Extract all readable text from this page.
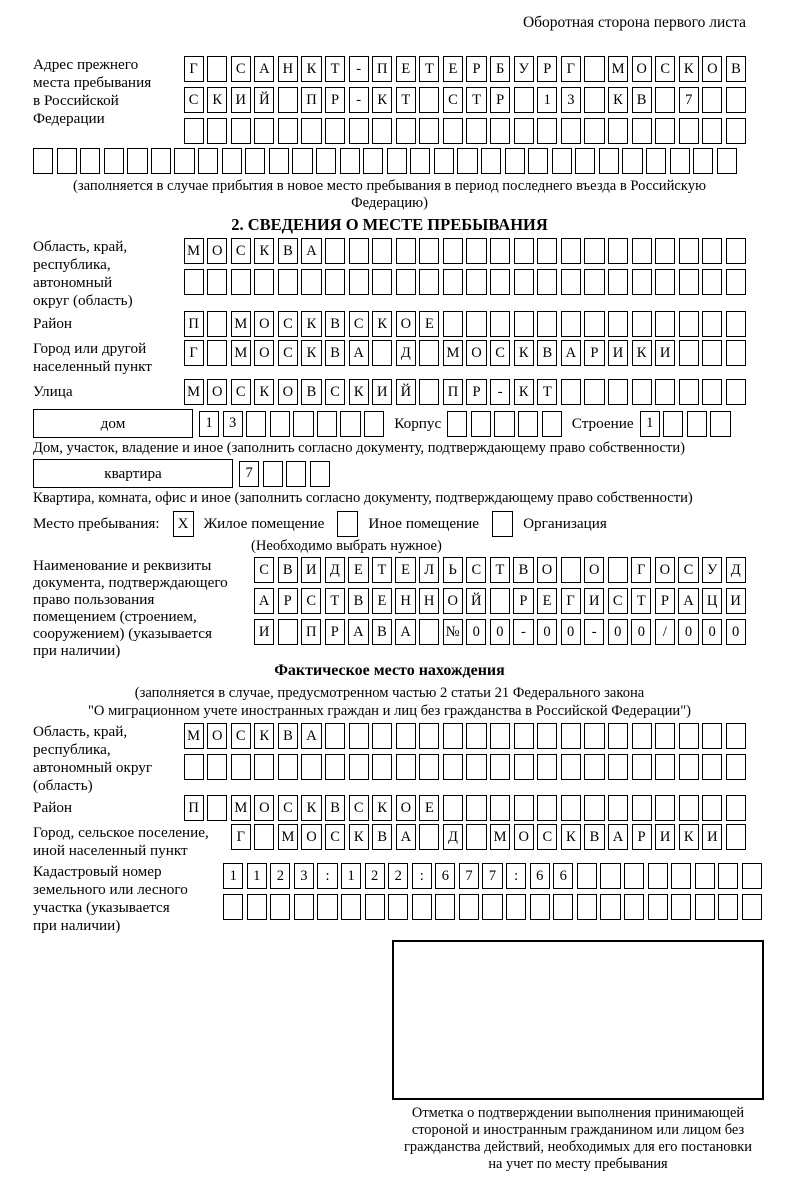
Оборотная сторона первого листа
Адрес прежнего
места пребывания
в Российской
Федерации
Г	С А Н К Т	-	П Е	Т	Е	Р	Б У Р	Г	М О С К О В
С К И Й	П Р	-	К Т	С Т	Р	1	3	К В	7
(заполняется в случае прибытия в новое место пребывания в период последнего въезда в Российскую Федерацию)
2. СВЕДЕНИЯ О МЕСТЕ ПРЕБЫВАНИЯ
Область, край,
республика,
автономный
округ (область)
М О С К В А
Район	П	М О С К В С К О Е
Город или другой
населенный пункт
Г	М О С К В А	Д	М О С К В А Р И К И
Улица	М О С К О В С К И Й	П Р	-	К Т
дом	1	3	Корпус	Строение 1
Дом, участок, владение и иное (заполнить согласно документу, подтверждающему право собственности)
квартира	7
Квартира, комната, офис и иное (заполнить согласно документу, подтверждающему право собственности)
Место пребывания:	X Жилое помещение	Иное помещение	Организация
(Необходимо выбрать нужное)
Наименование и реквизиты
документа, подтверждающего
право пользования
помещением (строением,
сооружением) (указывается
при наличии)
С В И Д Е	Т	Е Л Ь	С Т В О	О	Г О С У Д
А Р	С Т В Е Н Н О Й	Р	Е	Г И С Т	Р А Ц И
И	П Р А В А	№ 0	0	-	0	0	-	0	0	/	0	0	0
Фактическое место нахождения
(заполняется в случае, предусмотренном частью 2 статьи 21 Федерального закона
"О миграционном учете иностранных граждан и лиц без гражданства в Российской Федерации")
Область, край,
республика,
автономный округ
(область)
М О С К В А
Район	П	М О С К В С К О Е
Город, сельское поселение,
иной населенный пункт
Г	М О С К В А	Д	М О С К В А Р И К И
Кадастровый номер
земельного или лесного
участка (указывается
при наличии)
1	1	2	3	:	1	2	2	:	6	7	7	:	6	6
Отметка о подтверждении выполнения принимающей
стороной и иностранным гражданином или лицом без
гражданства действий, необходимых для его постановки
на учет по месту пребывания
